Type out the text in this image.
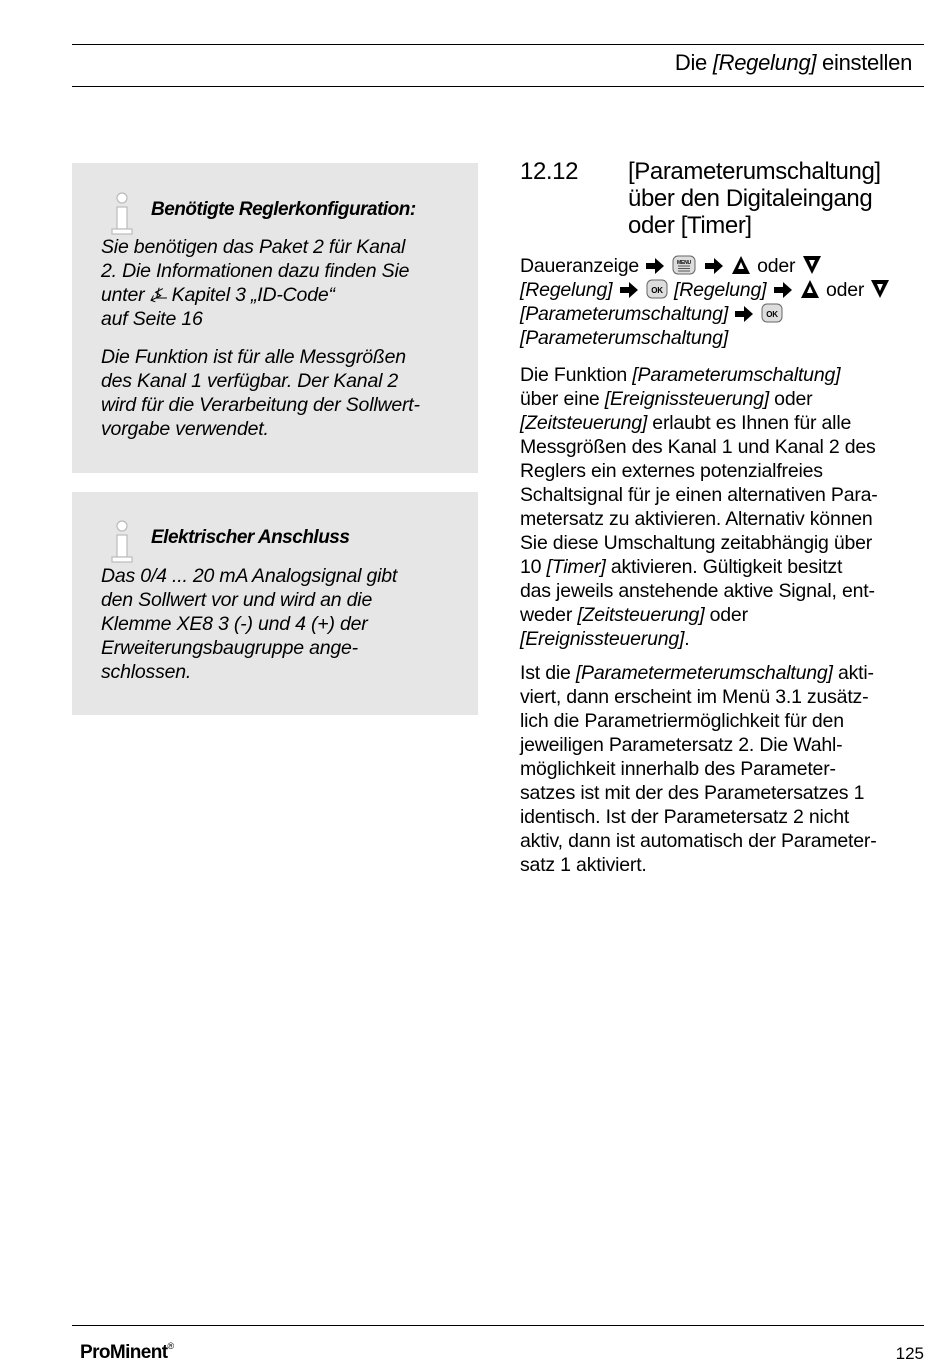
Die [Regelung] einstellen
Benötigte Reglerkonfiguration:

Sie benötigen das Paket 2 für Kanal
2. Die Informationen dazu finden Sie
unter ⍼ Kapitel 3 „ID-Code“
auf Seite 16

Die Funktion ist für alle Messgrößen
des Kanal 1 verfügbar. Der Kanal 2
wird für die Verarbeitung der Sollwert-
vorgabe verwendet.

Elektrischer Anschluss

Das 0/4 ... 20 mA Analogsignal gibt
den Sollwert vor und wird an die
Klemme XE8 3 (-) und 4 (+) der
Erweiterungsbaugruppe ange-
schlossen.

12.12 [Parameterumschaltung]
über den Digitaleingang
oder [Timer]
Daueranzeige	MENU	oder
[Regelung]	OK [Regelung]	oder
[Parameterumschaltung]	OK
[Parameterumschaltung]
Die Funktion [Parameterumschaltung]
über eine [Ereignissteuerung] oder
[Zeitsteuerung] erlaubt es Ihnen für alle
Messgrößen des Kanal 1 und Kanal 2 des
Reglers ein externes potenzialfreies
Schaltsignal für je einen alternativen Para-
metersatz zu aktivieren. Alternativ können
Sie diese Umschaltung zeitabhängig über
10 [Timer] aktivieren. Gültigkeit besitzt
das jeweils anstehende aktive Signal, ent-
weder [Zeitsteuerung] oder
[Ereignissteuerung].
Ist die [Parametermeterumschaltung] akti-
viert, dann erscheint im Menü 3.1 zusätz-
lich die Parametriermöglichkeit für den
jeweiligen Parametersatz 2. Die Wahl-
möglichkeit innerhalb des Parameter-
satzes ist mit der des Parametersatzes 1
identisch. Ist der Parametersatz 2 nicht
aktiv, dann ist automatisch der Parameter-
satz 1 aktiviert.
ProMinent®	125
